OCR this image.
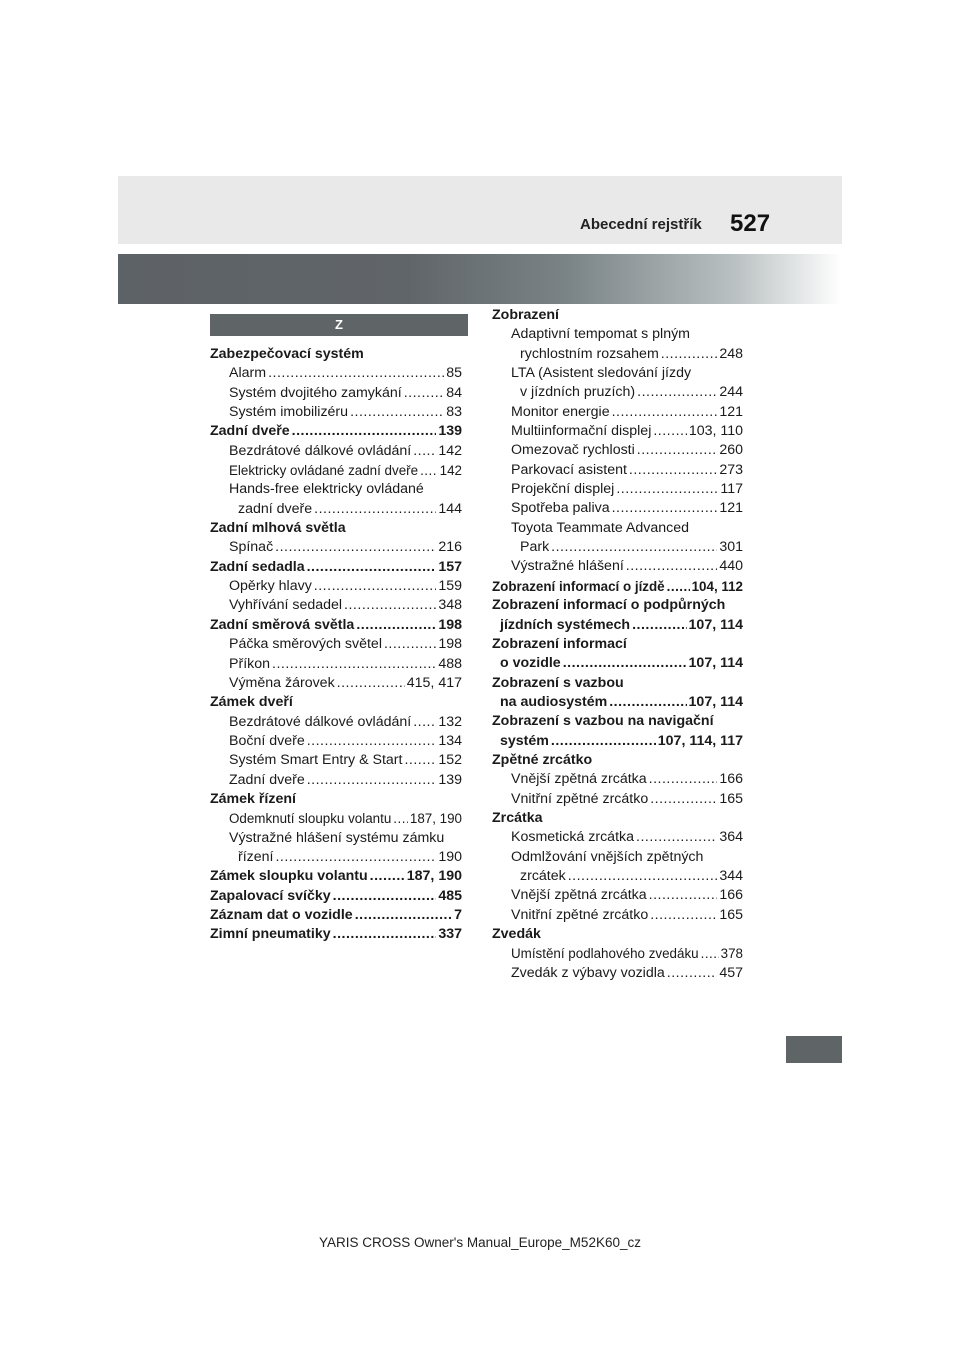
Abecední rejstřík 527
Z
Zabezpečovací systém
Alarm .....	85
Systém dvojitého zamykání .....	84
Systém imobilizéru .....	83
Zadní dveře .....	139
Bezdrátové dálkové ovládání ..... 142
Elektricky ovládané zadní dveře ..... 142
Hands-free elektricky ovládané
zadní dveře .....	144
Zadní mlhová světla
Spínač .....	216
Zadní sedadla .....	157
Opěrky hlavy .....	159
Vyhřívání sedadel .....	348
Zadní směrová světla .....	198
Páčka směrových světel .....	198
Příkon .....	488
Výměna žárovek .....	415, 417
Zámek dveří
Bezdrátové dálkové ovládání ..... 132
Boční dveře .....	134
Systém Smart Entry & Start .....	152
Zadní dveře .....	139
Zámek řízení
Odemknutí sloupku volantu ..... 187, 190
Výstražné hlášení systému zámku
řízení .....	190
Zámek sloupku volantu .....	187, 190
Zapalovací svíčky .....	485
Záznam dat o vozidle .....	7
Zimní pneumatiky .....	337
Zobrazení
Adaptivní tempomat s plným
rychlostním rozsahem .....	248
LTA (Asistent sledování jízdy
v jízdních pruzích) .....	244
Monitor energie .....	121
Multiinformační displej .....	103, 110
Omezovač rychlosti .....	260
Parkovací asistent .....	273
Projekční displej .....	117
Spotřeba paliva .....	121
Toyota Teammate Advanced
Park .....	301
Výstražné hlášení .....	440
Zobrazení informací o jízdě ..... 104, 112
Zobrazení informací o podpůrných
jízdních systémech .....	107, 114
Zobrazení informací
o vozidle .....	107, 114
Zobrazení s vazbou
na audiosystém .....	107, 114
Zobrazení s vazbou na navigační
systém .....	107, 114, 117
Zpětné zrcátko
Vnější zpětná zrcátka .....	166
Vnitřní zpětné zrcátko .....	165
Zrcátka
Kosmetická zrcátka .....	364
Odmlžování vnějších zpětných
zrcátek .....	344
Vnější zpětná zrcátka .....	166
Vnitřní zpětné zrcátko .....	165
Zvedák
Umístění podlahového zvedáku ..... 378
Zvedák z výbavy vozidla .....	457
YARIS CROSS Owner's Manual_Europe_M52K60_cz
